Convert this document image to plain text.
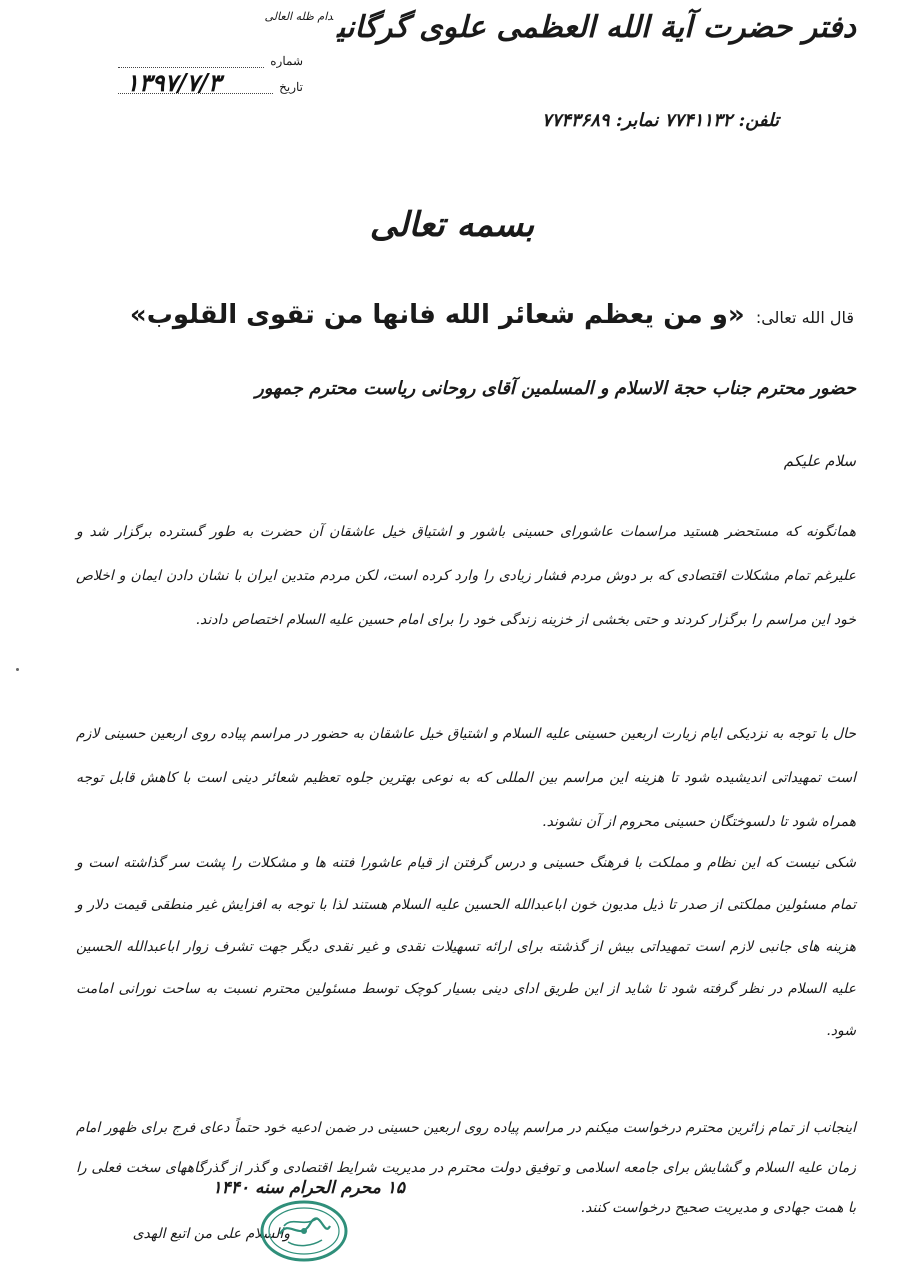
دفتر حضرت آیة الله العظمی علوی گرگانی$^{دام ظله العالی}$
تلفن: ۷۷۴۱۱۳۲ نمابر: ۷۷۴۳۶۸۹
شماره
تاریخ
۱۳۹۷/۷/۳
بسمه تعالی
قال الله تعالی: «و من یعظم شعائر الله فانها من تقوی القلوب»
حضور محترم جناب حجة الاسلام و المسلمین آقای روحانی ریاست محترم جمهور
سلام علیکم
همانگونه که مستحضر هستید مراسمات عاشورای حسینی باشور و اشتیاق خیل عاشقان آن حضرت به طور گسترده برگزار شد و علیرغم تمام مشکلات اقتصادی که بر دوش مردم فشار زیادی را وارد کرده است، لکن مردم متدین ایران با نشان دادن ایمان و اخلاص خود این مراسم را برگزار کردند و حتی بخشی از خزینه زندگی خود را برای امام حسین علیه السلام اختصاص دادند.
حال با توجه به نزدیکی ایام زیارت اربعین حسینی علیه السلام و اشتیاق خیل عاشقان به حضور در مراسم پیاده روی اربعین حسینی لازم است تمهیداتی اندیشیده شود تا هزینه این مراسم بین المللی که به نوعی بهترین جلوه تعظیم شعائر دینی است با کاهش قابل توجه همراه شود تا دلسوختگان حسینی محروم از آن نشوند.
شکی نیست که این نظام و مملکت با فرهنگ حسینی و درس گرفتن از قیام عاشورا فتنه ها و مشکلات را پشت سر گذاشته است و تمام مسئولین مملکتی از صدر تا ذیل مدیون خون اباعبدالله الحسین علیه السلام هستند لذا با توجه به افزایش غیر منطقی قیمت دلار و هزینه های جانبی لازم است تمهیداتی بیش از گذشته برای ارائه تسهیلات نقدی و غیر نقدی دیگر جهت تشرف زوار اباعبدالله الحسین علیه السلام در نظر گرفته شود تا شاید از این طریق ادای دینی بسیار کوچک توسط مسئولین محترم نسبت به ساحت نورانی امامت شود.
اینجانب از تمام زائرین محترم درخواست میکنم در مراسم پیاده روی اربعین حسینی در ضمن ادعیه خود حتماً دعای فرج برای ظهور امام زمان علیه السلام و گشایش برای جامعه اسلامی و توفیق دولت محترم در مدیریت شرایط اقتصادی و گذر از گذرگاههای سخت فعلی را با همت جهادی و مدیریت صحیح درخواست کنند.
۱۵ محرم الحرام سنه ۱۴۴۰
والسلام علی من اتبع الهدی
